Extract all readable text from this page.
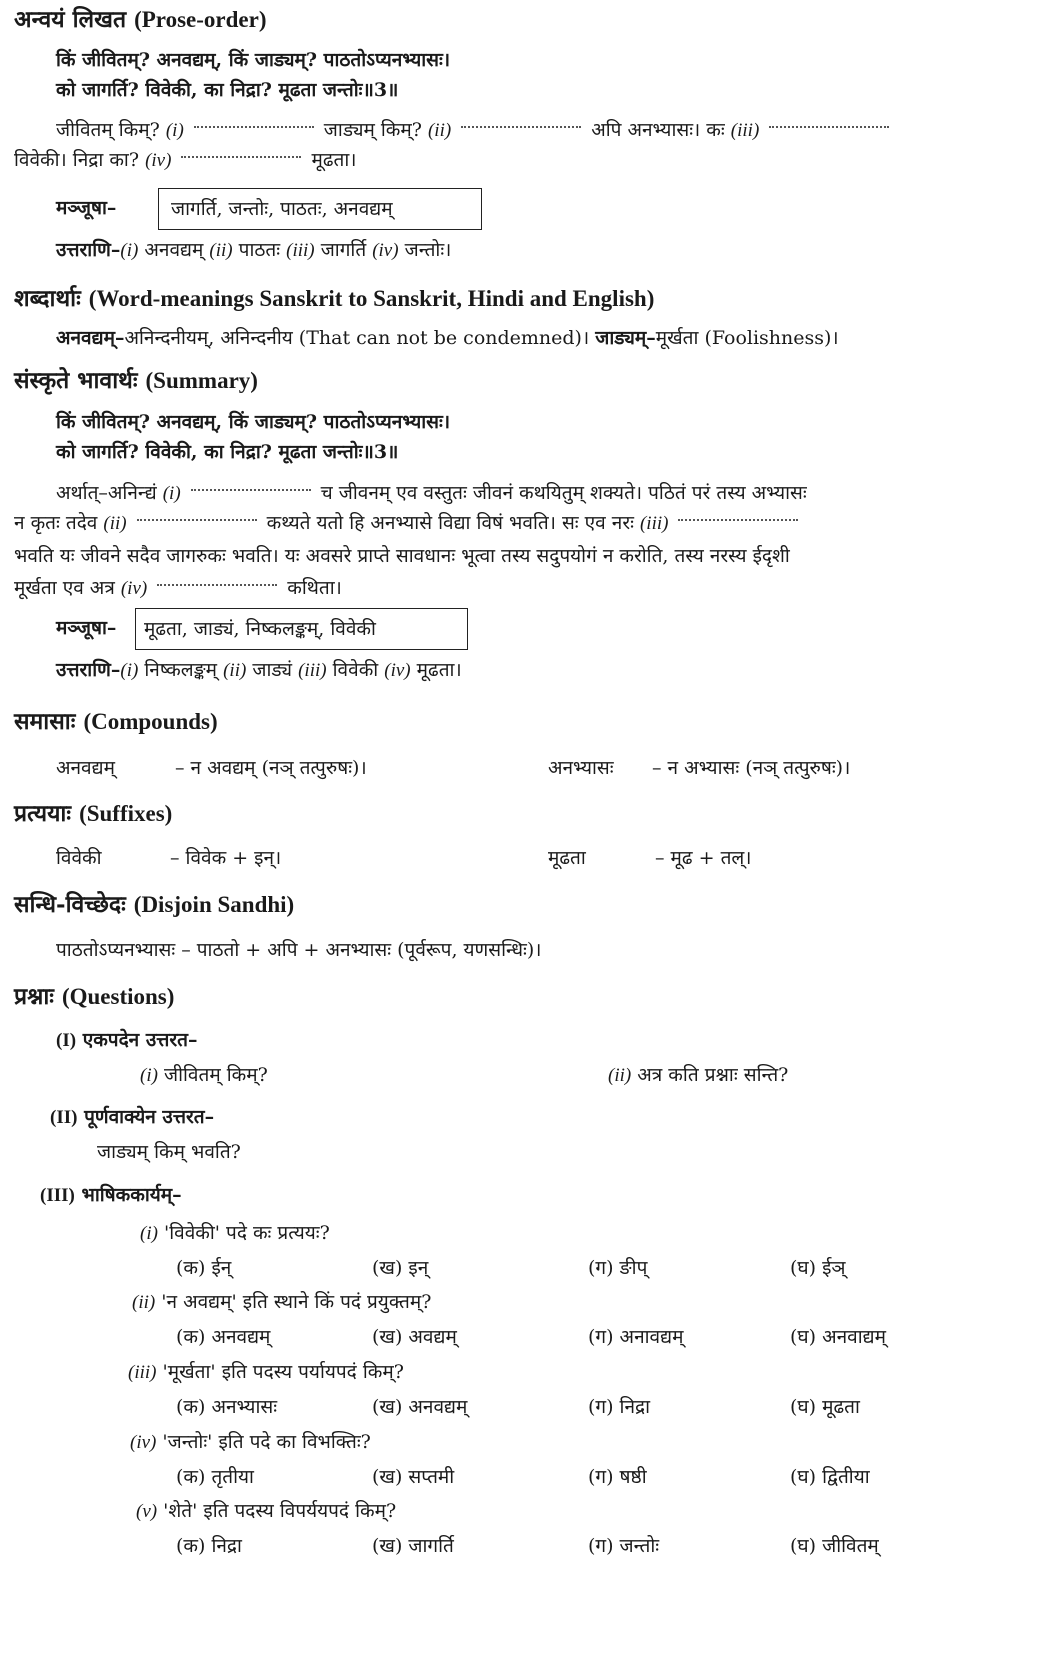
अन्वयं लिखत (Prose-order)
किं जीवितम्? अनवद्यम्, किं जाड्यम्? पाठतोऽप्यनभ्यासः।
को जागर्ति? विवेकी, का निद्रा? मूढता जन्तोः॥3॥
जीवितम् किम्? (i)	जाड्यम् किम्? (ii)	अपि अनभ्यासः। कः (iii)
विवेकी। निद्रा का? (iv)	मूढता।
मञ्जूषा–	जागर्ति, जन्तोः, पाठतः, अनवद्यम्
उत्तराणि–(i) अनवद्यम् (ii) पाठतः (iii) जागर्ति (iv) जन्तोः।
शब्दार्थाः (Word-meanings Sanskrit to Sanskrit, Hindi and English)
अनवद्यम्–अनिन्दनीयम्, अनिन्दनीय (That can not be condemned)। जाड्यम्–मूर्खता (Foolishness)।
संस्कृते भावार्थः (Summary)
किं जीवितम्? अनवद्यम्, किं जाड्यम्? पाठतोऽप्यनभ्यासः।
को जागर्ति? विवेकी, का निद्रा? मूढता जन्तोः॥3॥
अर्थात्–अनिन्द्यं (i)	च जीवनम् एव वस्तुतः जीवनं कथयितुम् शक्यते। पठितं परं तस्य अभ्यासः
न कृतः तदेव (ii)	कथ्यते यतो हि अनभ्यासे विद्या विषं भवति। सः एव नरः (iii)
भवति यः जीवने सदैव जागरुकः भवति। यः अवसरे प्राप्ते सावधानः भूत्वा तस्य सदुपयोगं न करोति, तस्य नरस्य ईदृशी
मूर्खता एव अत्र (iv)	कथिता।
मञ्जूषा– मूढता, जाड्यं, निष्कलङ्कम्, विवेकी
उत्तराणि–(i) निष्कलङ्कम् (ii) जाड्यं (iii) विवेकी (iv) मूढता।
समासाः (Compounds)
अनवद्यम्	– न अवद्यम् (नञ् तत्पुरुषः)।	अनभ्यासः – न अभ्यासः (नञ् तत्पुरुषः)।
प्रत्ययाः (Suffixes)
विवेकी	– विवेक + इन्।	मूढता	– मूढ + तल्।
सन्धि-विच्छेदः (Disjoin Sandhi)
पाठतोऽप्यनभ्यासः – पाठतो + अपि + अनभ्यासः (पूर्वरूप, यणसन्धिः)।
प्रश्नाः (Questions)
(I) एकपदेन उत्तरत–
(i) जीवितम् किम्?	(ii) अत्र कति प्रश्नाः सन्ति?
(II) पूर्णवाक्येन उत्तरत–
जाड्यम् किम् भवति?
(III) भाषिककार्यम्–
(i) 'विवेकी' पदे कः प्रत्ययः?
(क) ईन्	(ख) इन्	(ग) ङीप्	(घ) ईञ्
(ii) 'न अवद्यम्' इति स्थाने किं पदं प्रयुक्तम्?
(क) अनवद्यम्	(ख) अवद्यम्	(ग) अनावद्यम्	(घ) अनवाद्यम्
(iii) 'मूर्खता' इति पदस्य पर्यायपदं किम्?
(क) अनभ्यासः	(ख) अनवद्यम्	(ग) निद्रा	(घ) मूढता
(iv) 'जन्तोः' इति पदे का विभक्तिः?
(क) तृतीया	(ख) सप्तमी	(ग) षष्ठी	(घ) द्वितीया
(v) 'शेते' इति पदस्य विपर्ययपदं किम्?
(क) निद्रा	(ख) जागर्ति	(ग) जन्तोः	(घ) जीवितम्
